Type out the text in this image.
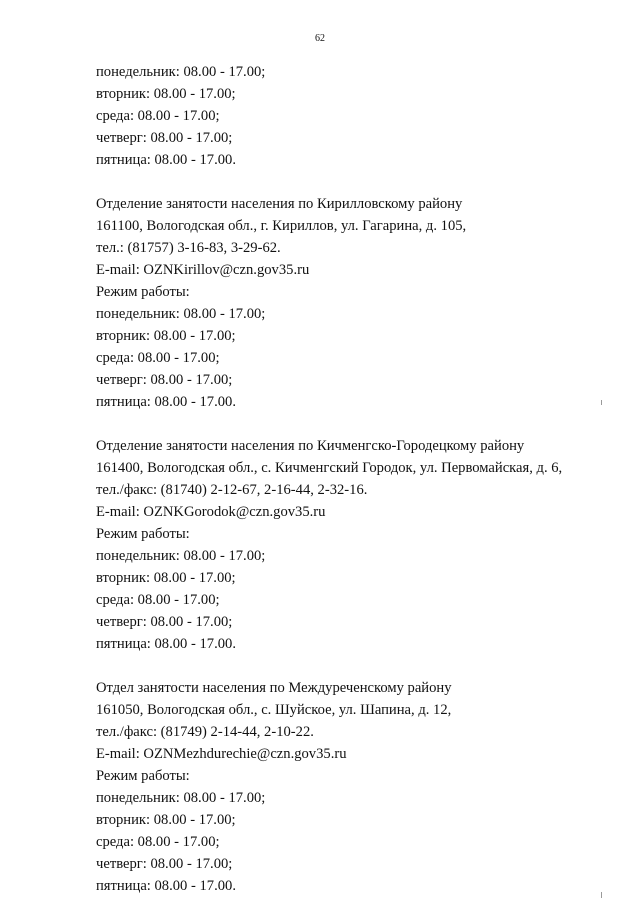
62
понедельник: 08.00 - 17.00;
вторник: 08.00 - 17.00;
среда: 08.00 - 17.00;
четверг: 08.00 - 17.00;
пятница: 08.00 - 17.00.
Отделение занятости населения по Кирилловскому району
161100, Вологодская обл., г. Кириллов, ул. Гагарина, д. 105,
тел.: (81757) 3-16-83, 3-29-62.
E-mail: OZNKirillov@czn.gov35.ru
Режим работы:
понедельник: 08.00 - 17.00;
вторник: 08.00 - 17.00;
среда: 08.00 - 17.00;
четверг: 08.00 - 17.00;
пятница: 08.00 - 17.00.
Отделение занятости населения по Кичменгско-Городецкому району
161400, Вологодская обл., с. Кичменгский Городок, ул. Первомайская, д. 6,
тел./факс: (81740) 2-12-67, 2-16-44, 2-32-16.
E-mail: OZNKGorodok@czn.gov35.ru
Режим работы:
понедельник: 08.00 - 17.00;
вторник: 08.00 - 17.00;
среда: 08.00 - 17.00;
четверг: 08.00 - 17.00;
пятница: 08.00 - 17.00.
Отдел занятости населения по Междуреченскому району
161050, Вологодская обл., с. Шуйское, ул. Шапина, д. 12,
тел./факс: (81749) 2-14-44, 2-10-22.
E-mail: OZNMezhdurechie@czn.gov35.ru
Режим работы:
понедельник: 08.00 - 17.00;
вторник: 08.00 - 17.00;
среда: 08.00 - 17.00;
четверг: 08.00 - 17.00;
пятница: 08.00 - 17.00.
